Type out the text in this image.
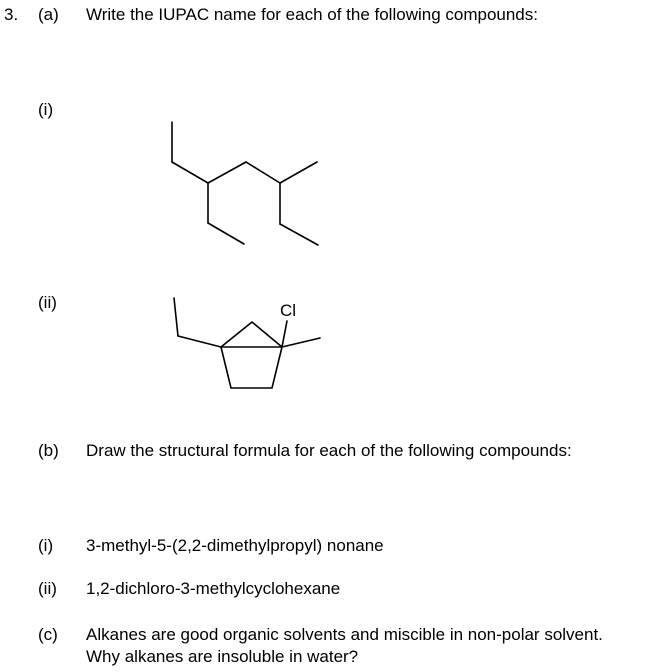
3. (a) Write the IUPAC name for each of the following compounds:
(i)
(ii)	Cl
(b) Draw the structural formula for each of the following compounds:
(i) 3-methyl-5-(2,2-dimethylpropyl) nonane
(ii) 1,2-dichloro-3-methylcyclohexane
(c) Alkanes are good organic solvents and miscible in non-polar solvent.
Why alkanes are insoluble in water?
